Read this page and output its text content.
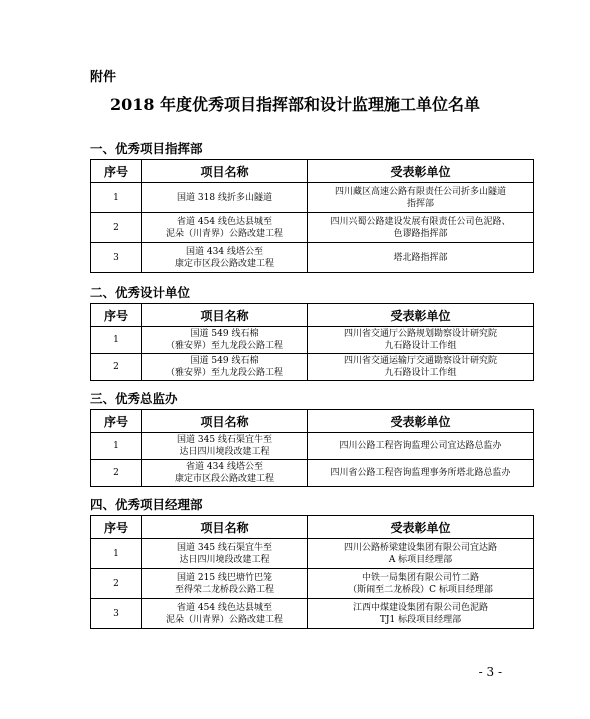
附件
2018 年度优秀项目指挥部和设计监理施工单位名单
一、优秀项目指挥部
序号	项目名称	受表彰单位
1	国道 318 线折多山隧道	四川藏区高速公路有限责任公司折多山隧道
指挥部

2	省道 454 线色达县城至
泥朵（川青界）公路改建工程	四川兴蜀公路建设发展有限责任公司色泥路、
色谬路指挥部

3	国道 434 线塔公至
康定市区段公路改建工程	塔北路指挥部
二、优秀设计单位
序号	项目名称	受表彰单位
1	国道 549 线石棉
（雅安界）至九龙段公路工程	四川省交通厅公路规划勘察设计研究院
九石路设计工作组

2	国道 549 线石棉
（雅安界）至九龙段公路工程	四川省交通运输厅交通勘察设计研究院
九石路设计工作组
三、优秀总监办
序号	项目名称	受表彰单位
1	国道 345 线石渠宜牛至
达日四川境段改建工程	四川公路工程咨询监理公司宜达路总监办

2	省道 434 线塔公至
康定市区段公路改建工程	四川省公路工程咨询监理事务所塔北路总监办
四、优秀项目经理部
序号	项目名称	受表彰单位
1	国道 345 线石渠宜牛至
达日四川境段改建工程	四川公路桥梁建设集团有限公司宜达路
A 标项目经理部

2	国道 215 线巴塘竹巴笼
至得荣二龙桥段公路工程	中铁一局集团有限公司竹二路
（斯闹至二龙桥段）C 标项目经理部

3	省道 454 线色达县城至
泥朵（川青界）公路改建工程	江西中煤建设集团有限公司色泥路
TJ1 标段项目经理部
- 3 -
